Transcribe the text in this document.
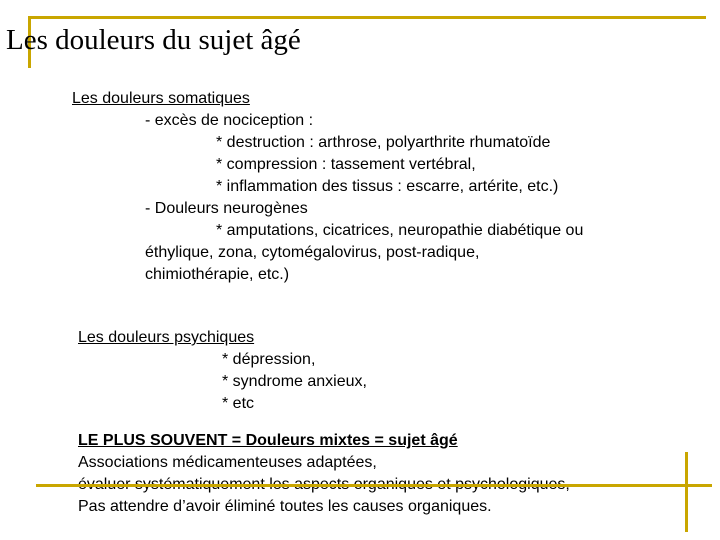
Les douleurs du sujet âgé
Les douleurs somatiques
- excès de nociception :
* destruction : arthrose, polyarthrite rhumatoïde
* compression : tassement vertébral,
* inflammation des tissus : escarre, artérite, etc.)
- Douleurs neurogènes
* amputations, cicatrices, neuropathie diabétique ou
éthylique, zona, cytomégalovirus, post-radique,
chimiothérapie, etc.)
Les douleurs psychiques
* dépression,
* syndrome anxieux,
* etc
LE PLUS SOUVENT = Douleurs mixtes = sujet âgé
Associations médicamenteuses adaptées,
Pas attendre d’avoir éliminé toutes les causes organiques.
